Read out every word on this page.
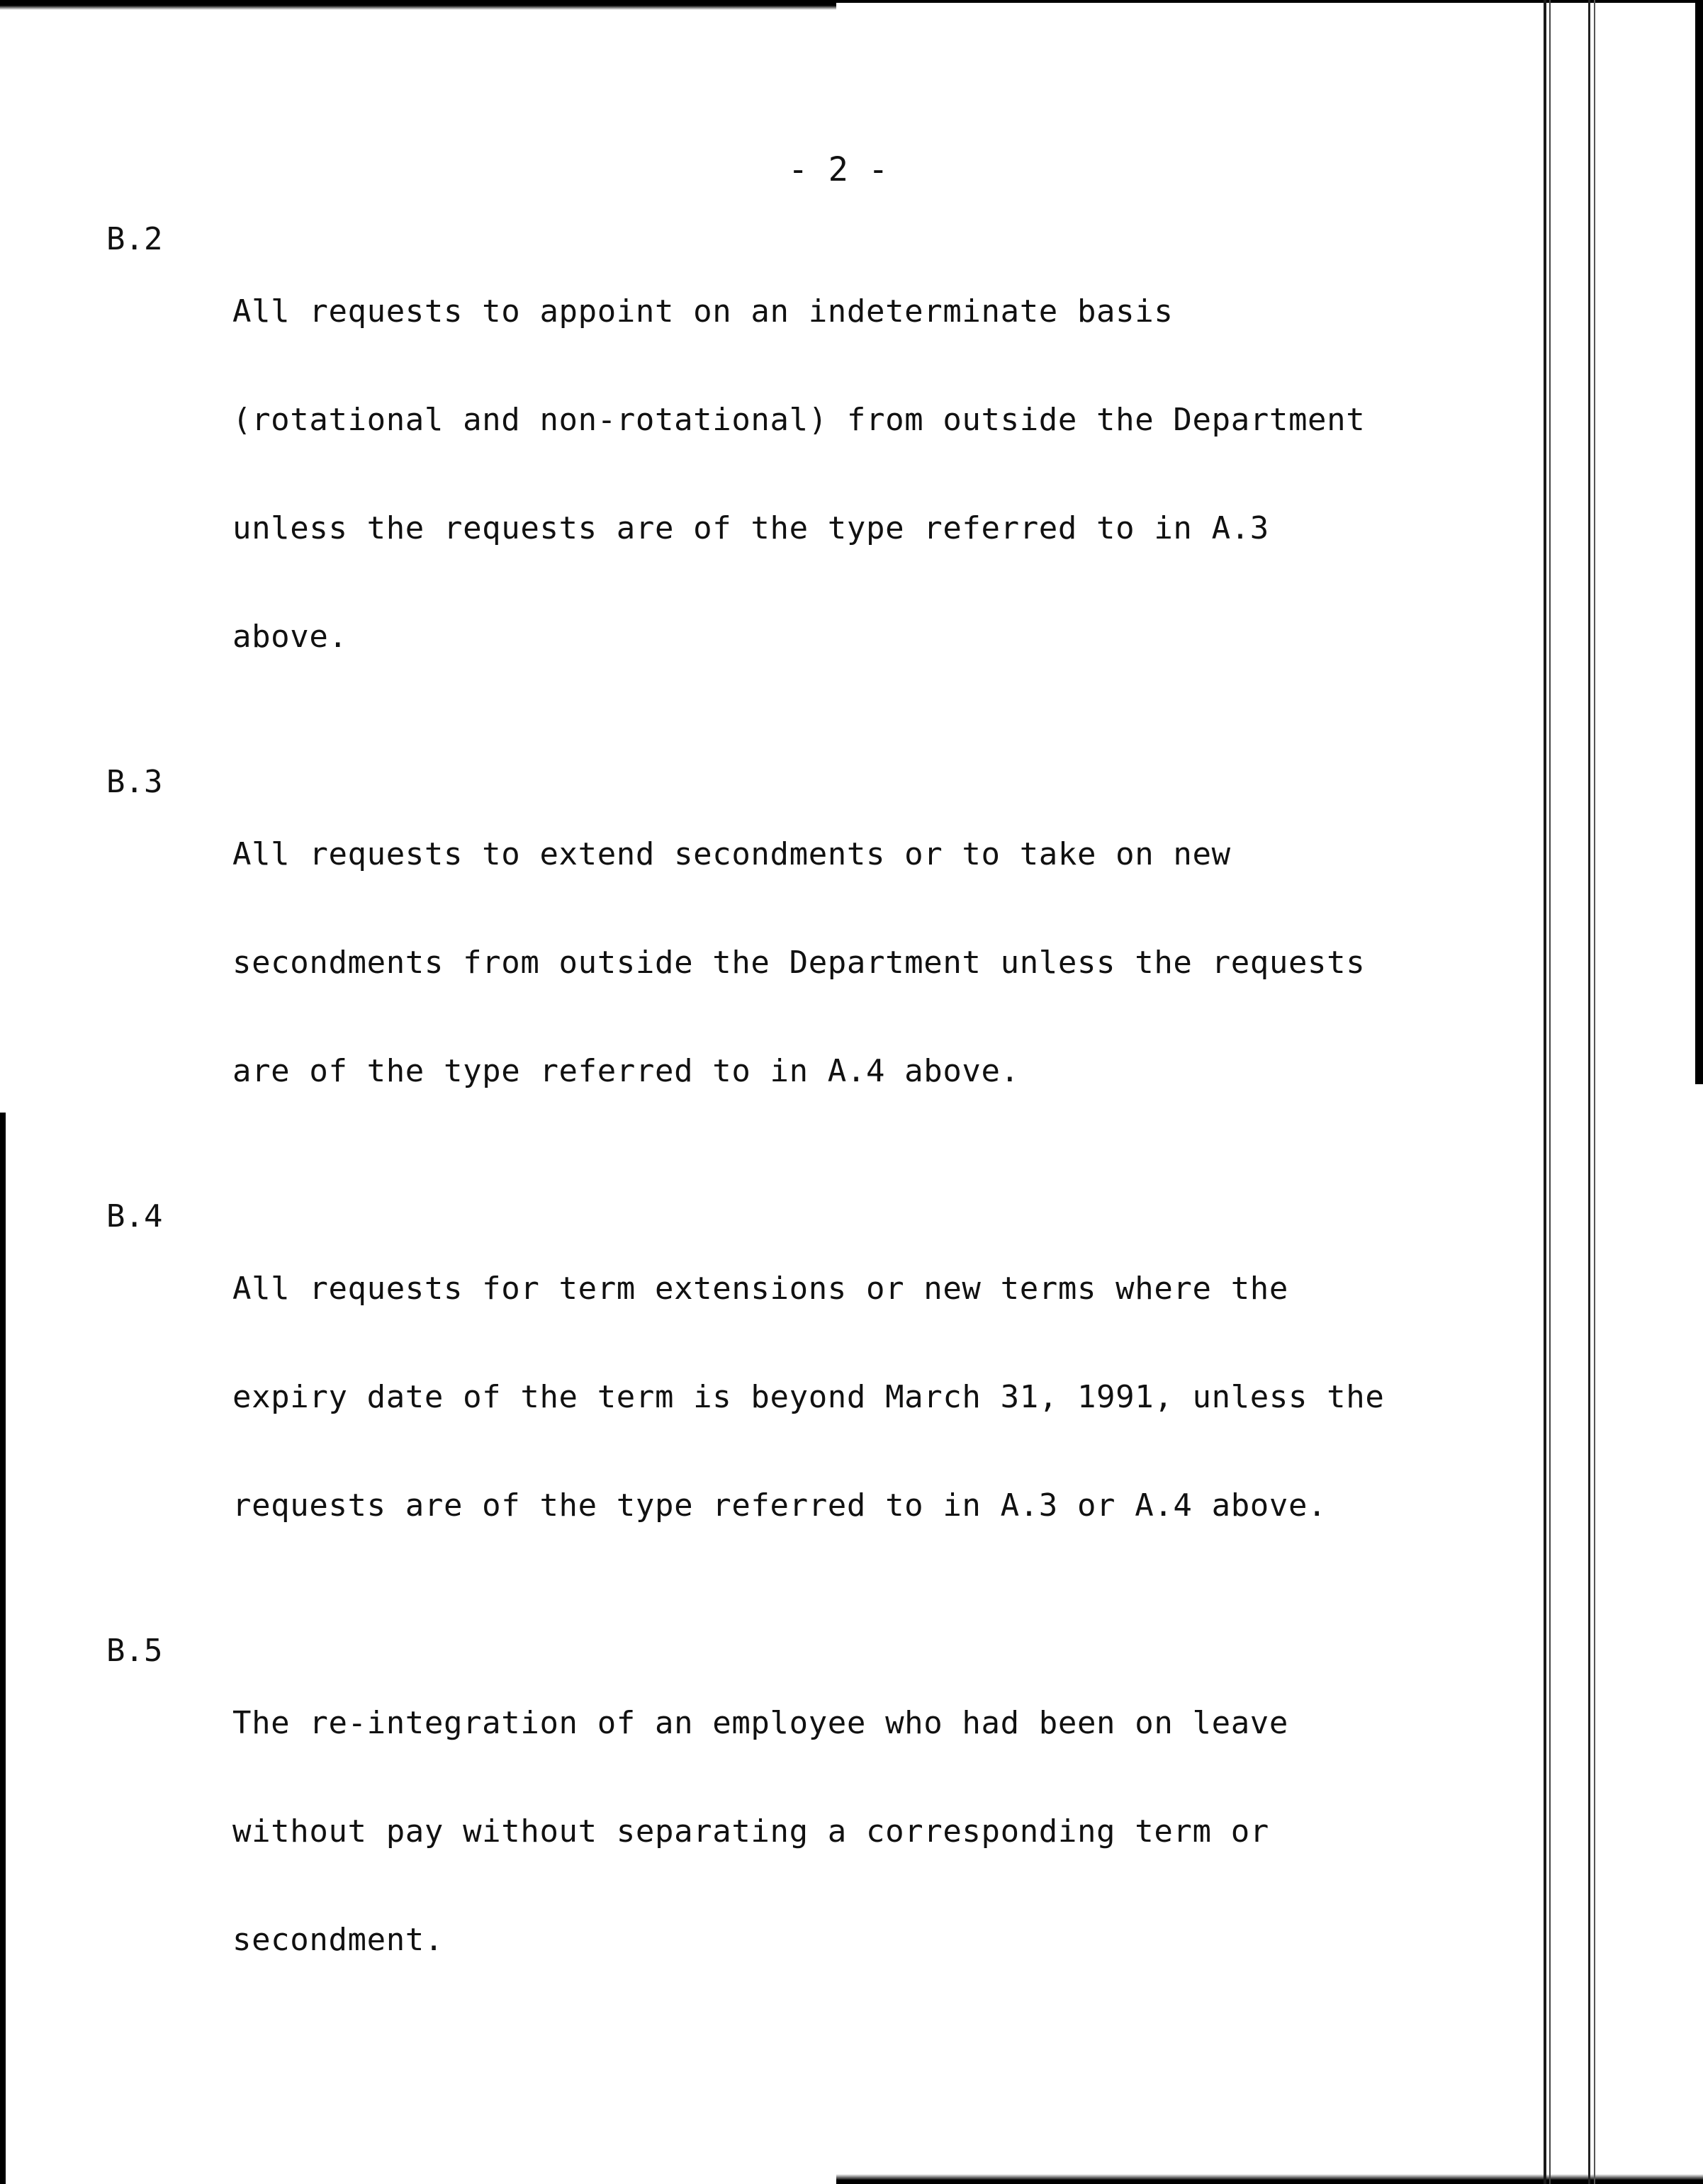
- 2 -

B.2

All requests to appoint on an indeterminate basis

(rotational and non-rotational) from outside the Department

unless the requests are of the type referred to in A.3

above.

B.3

All requests to extend secondments or to take on new

secondments from outside the Department unless the requests

are of the type referred to in A.4 above.

B.4

All requests for term extensions or new terms where the

expiry date of the term is beyond March 31, 1991, unless the

requests are of the type referred to in A.3 or A.4 above.

B.5

The re-integration of an employee who had been on leave

without pay without separating a corresponding term or

secondment.
